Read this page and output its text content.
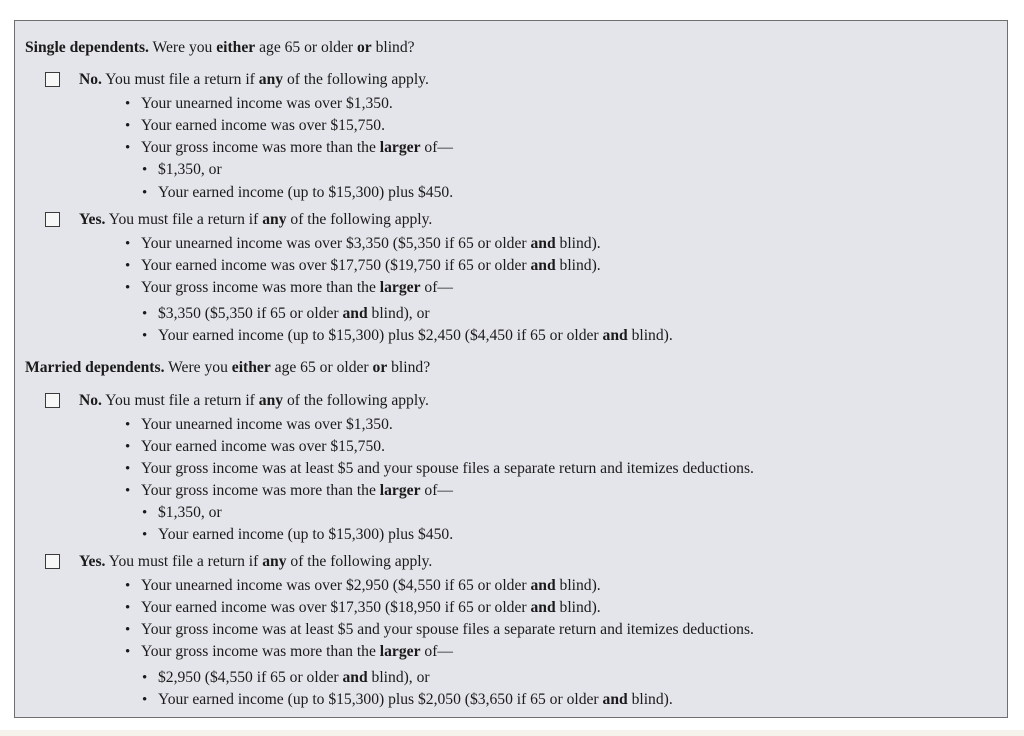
Single dependents. Were you either age 65 or older or blind?
No. You must file a return if any of the following apply.
• Your unearned income was over $1,350.
• Your earned income was over $15,750.
• Your gross income was more than the larger of—
• $1,350, or
• Your earned income (up to $15,300) plus $450.
Yes. You must file a return if any of the following apply.
• Your unearned income was over $3,350 ($5,350 if 65 or older and blind).
• Your earned income was over $17,750 ($19,750 if 65 or older and blind).
• Your gross income was more than the larger of—
• $3,350 ($5,350 if 65 or older and blind), or
• Your earned income (up to $15,300) plus $2,450 ($4,450 if 65 or older and blind).
Married dependents. Were you either age 65 or older or blind?
No. You must file a return if any of the following apply.
• Your unearned income was over $1,350.
• Your earned income was over $15,750.
• Your gross income was at least $5 and your spouse files a separate return and itemizes deductions.
• Your gross income was more than the larger of—
• $1,350, or
• Your earned income (up to $15,300) plus $450.
Yes. You must file a return if any of the following apply.
• Your unearned income was over $2,950 ($4,550 if 65 or older and blind).
• Your earned income was over $17,350 ($18,950 if 65 or older and blind).
• Your gross income was at least $5 and your spouse files a separate return and itemizes deductions.
• Your gross income was more than the larger of—
• $2,950 ($4,550 if 65 or older and blind), or
• Your earned income (up to $15,300) plus $2,050 ($3,650 if 65 or older and blind).
